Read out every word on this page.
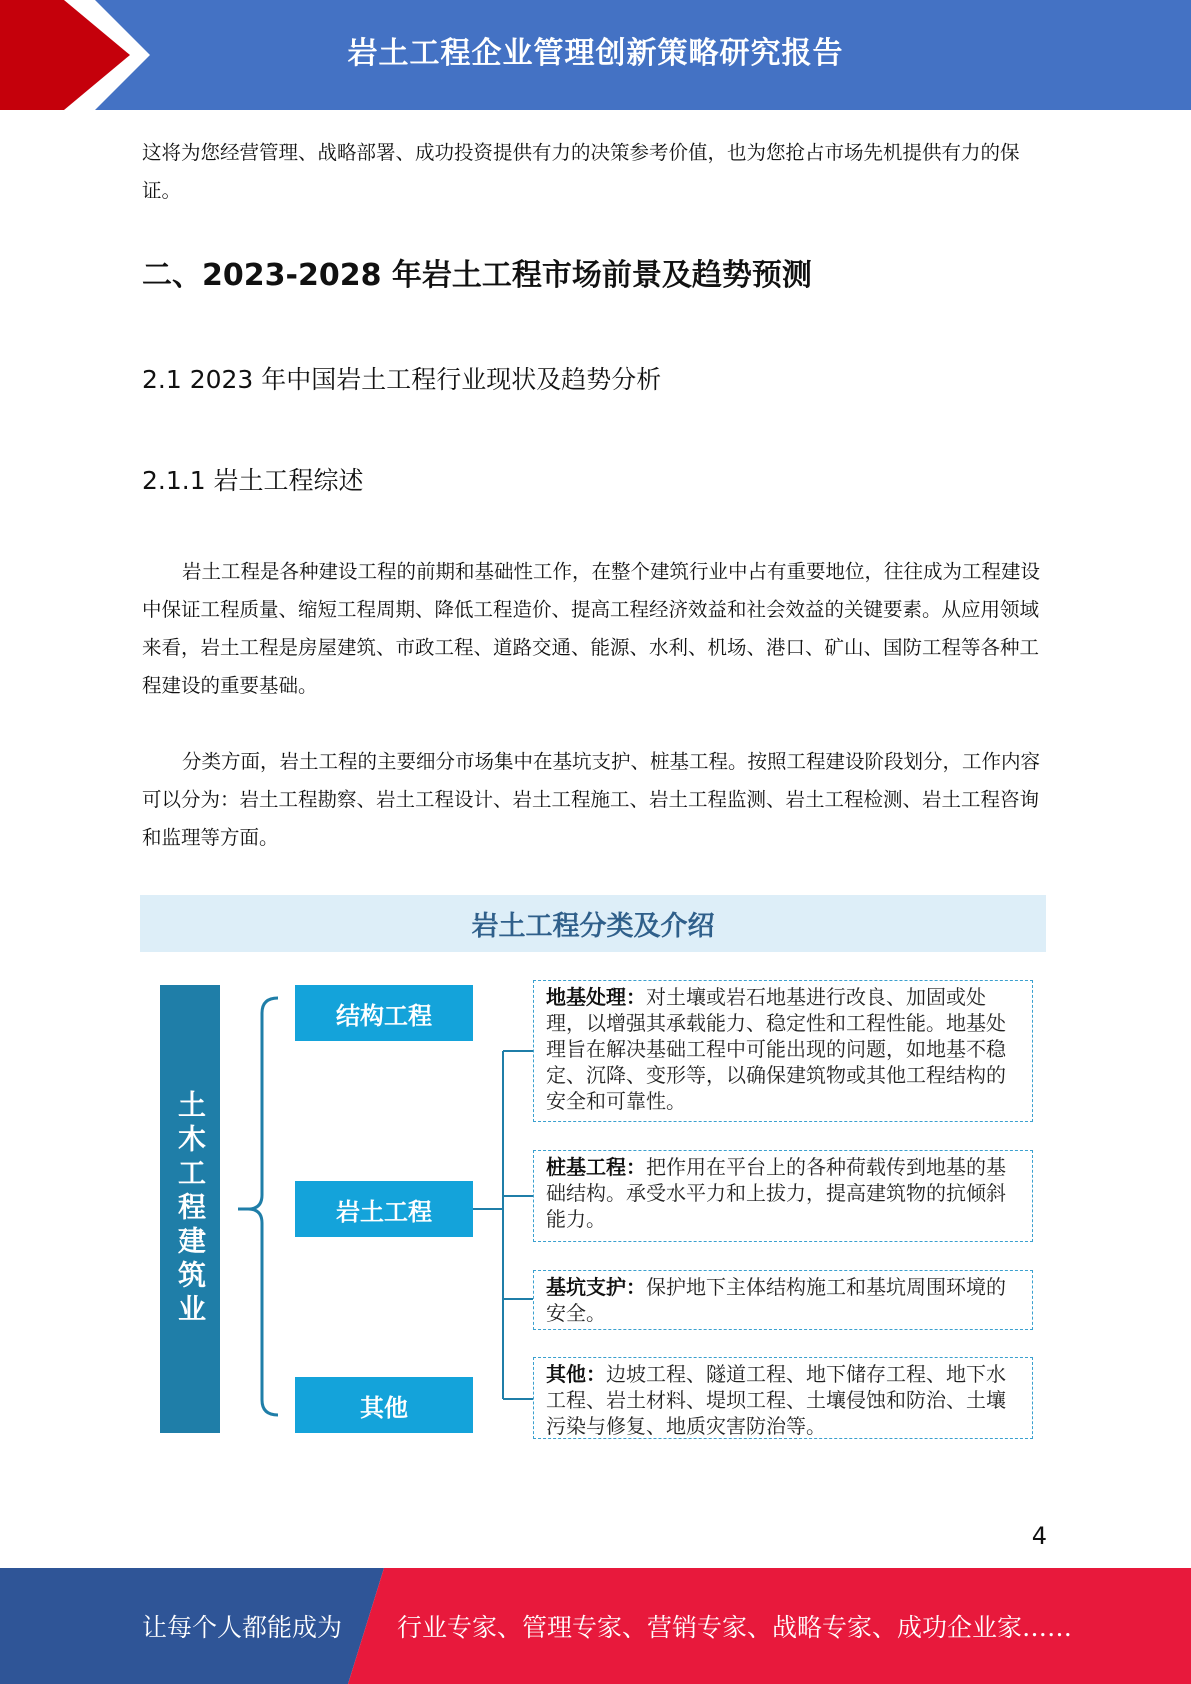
岩土工程企业管理创新策略研究报告

这将为您经营管理、战略部署、成功投资提供有力的决策参考价值，也为您抢占市场先机提供有力的保证。

二、2023-2028 年岩土工程市场前景及趋势预测
2.1 2023 年中国岩土工程行业现状及趋势分析
2.1.1 岩土工程综述

岩土工程是各种建设工程的前期和基础性工作，在整个建筑行业中占有重要地位，往往成为工程建设中保证工程质量、缩短工程周期、降低工程造价、提高工程经济效益和社会效益的关键要素。从应用领域来看，岩土工程是房屋建筑、市政工程、道路交通、能源、水利、机场、港口、矿山、国防工程等各种工程建设的重要基础。

分类方面，岩土工程的主要细分市场集中在基坑支护、桩基工程。按照工程建设阶段划分，工作内容可以分为：岩土工程勘察、岩土工程设计、岩土工程施工、岩土工程监测、岩土工程检测、岩土工程咨询和监理等方面。

岩土工程分类及介绍
土木工程建筑业
结构工程
岩土工程
其他
地基处理：对土壤或岩石地基进行改良、加固或处理，以增强其承载能力、稳定性和工程性能。地基处理旨在解决基础工程中可能出现的问题，如地基不稳定、沉降、变形等，以确保建筑物或其他工程结构的安全和可靠性。
桩基工程：把作用在平台上的各种荷载传到地基的基础结构。承受水平力和上拔力，提高建筑物的抗倾斜能力。
基坑支护：保护地下主体结构施工和基坑周围环境的安全。
其他：边坡工程、隧道工程、地下储存工程、地下水工程、岩土材料、堤坝工程、土壤侵蚀和防治、土壤污染与修复、地质灾害防治等。
4
让每个人都能成为 行业专家、管理专家、营销专家、战略专家、成功企业家……
